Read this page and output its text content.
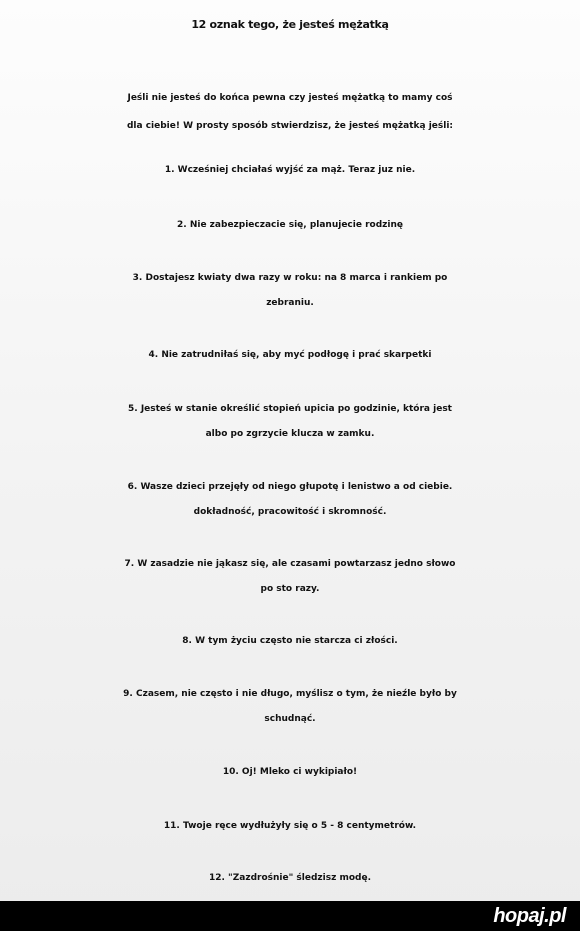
12 oznak tego, że jesteś mężatką
Jeśli nie jesteś do końca pewna czy jesteś mężatką to mamy coś
dla ciebie! W prosty sposób stwierdzisz, że jesteś mężatką jeśli:
1. Wcześniej chciałaś wyjść za mąż. Teraz juz nie.
2. Nie zabezpieczacie się, planujecie rodzinę
3. Dostajesz kwiaty dwa razy w roku: na 8 marca i rankiem po
zebraniu.
4. Nie zatrudniłaś się, aby myć podłogę i prać skarpetki
5. Jesteś w stanie określić stopień upicia po godzinie, która jest
albo po zgrzycie klucza w zamku.
6. Wasze dzieci przejęły od niego głupotę i lenistwo a od ciebie.
dokładność, pracowitość i skromność.
7. W zasadzie nie jąkasz się, ale czasami powtarzasz jedno słowo
po sto razy.
8. W tym życiu często nie starcza ci złości.
9. Czasem, nie często i nie długo, myślisz o tym, że nieźle było by
schudnąć.
10. Oj! Mleko ci wykipiało!
11. Twoje ręce wydłużyły się o 5 - 8 centymetrów.
12. "Zazdrośnie" śledzisz modę.
hopaj.pl
